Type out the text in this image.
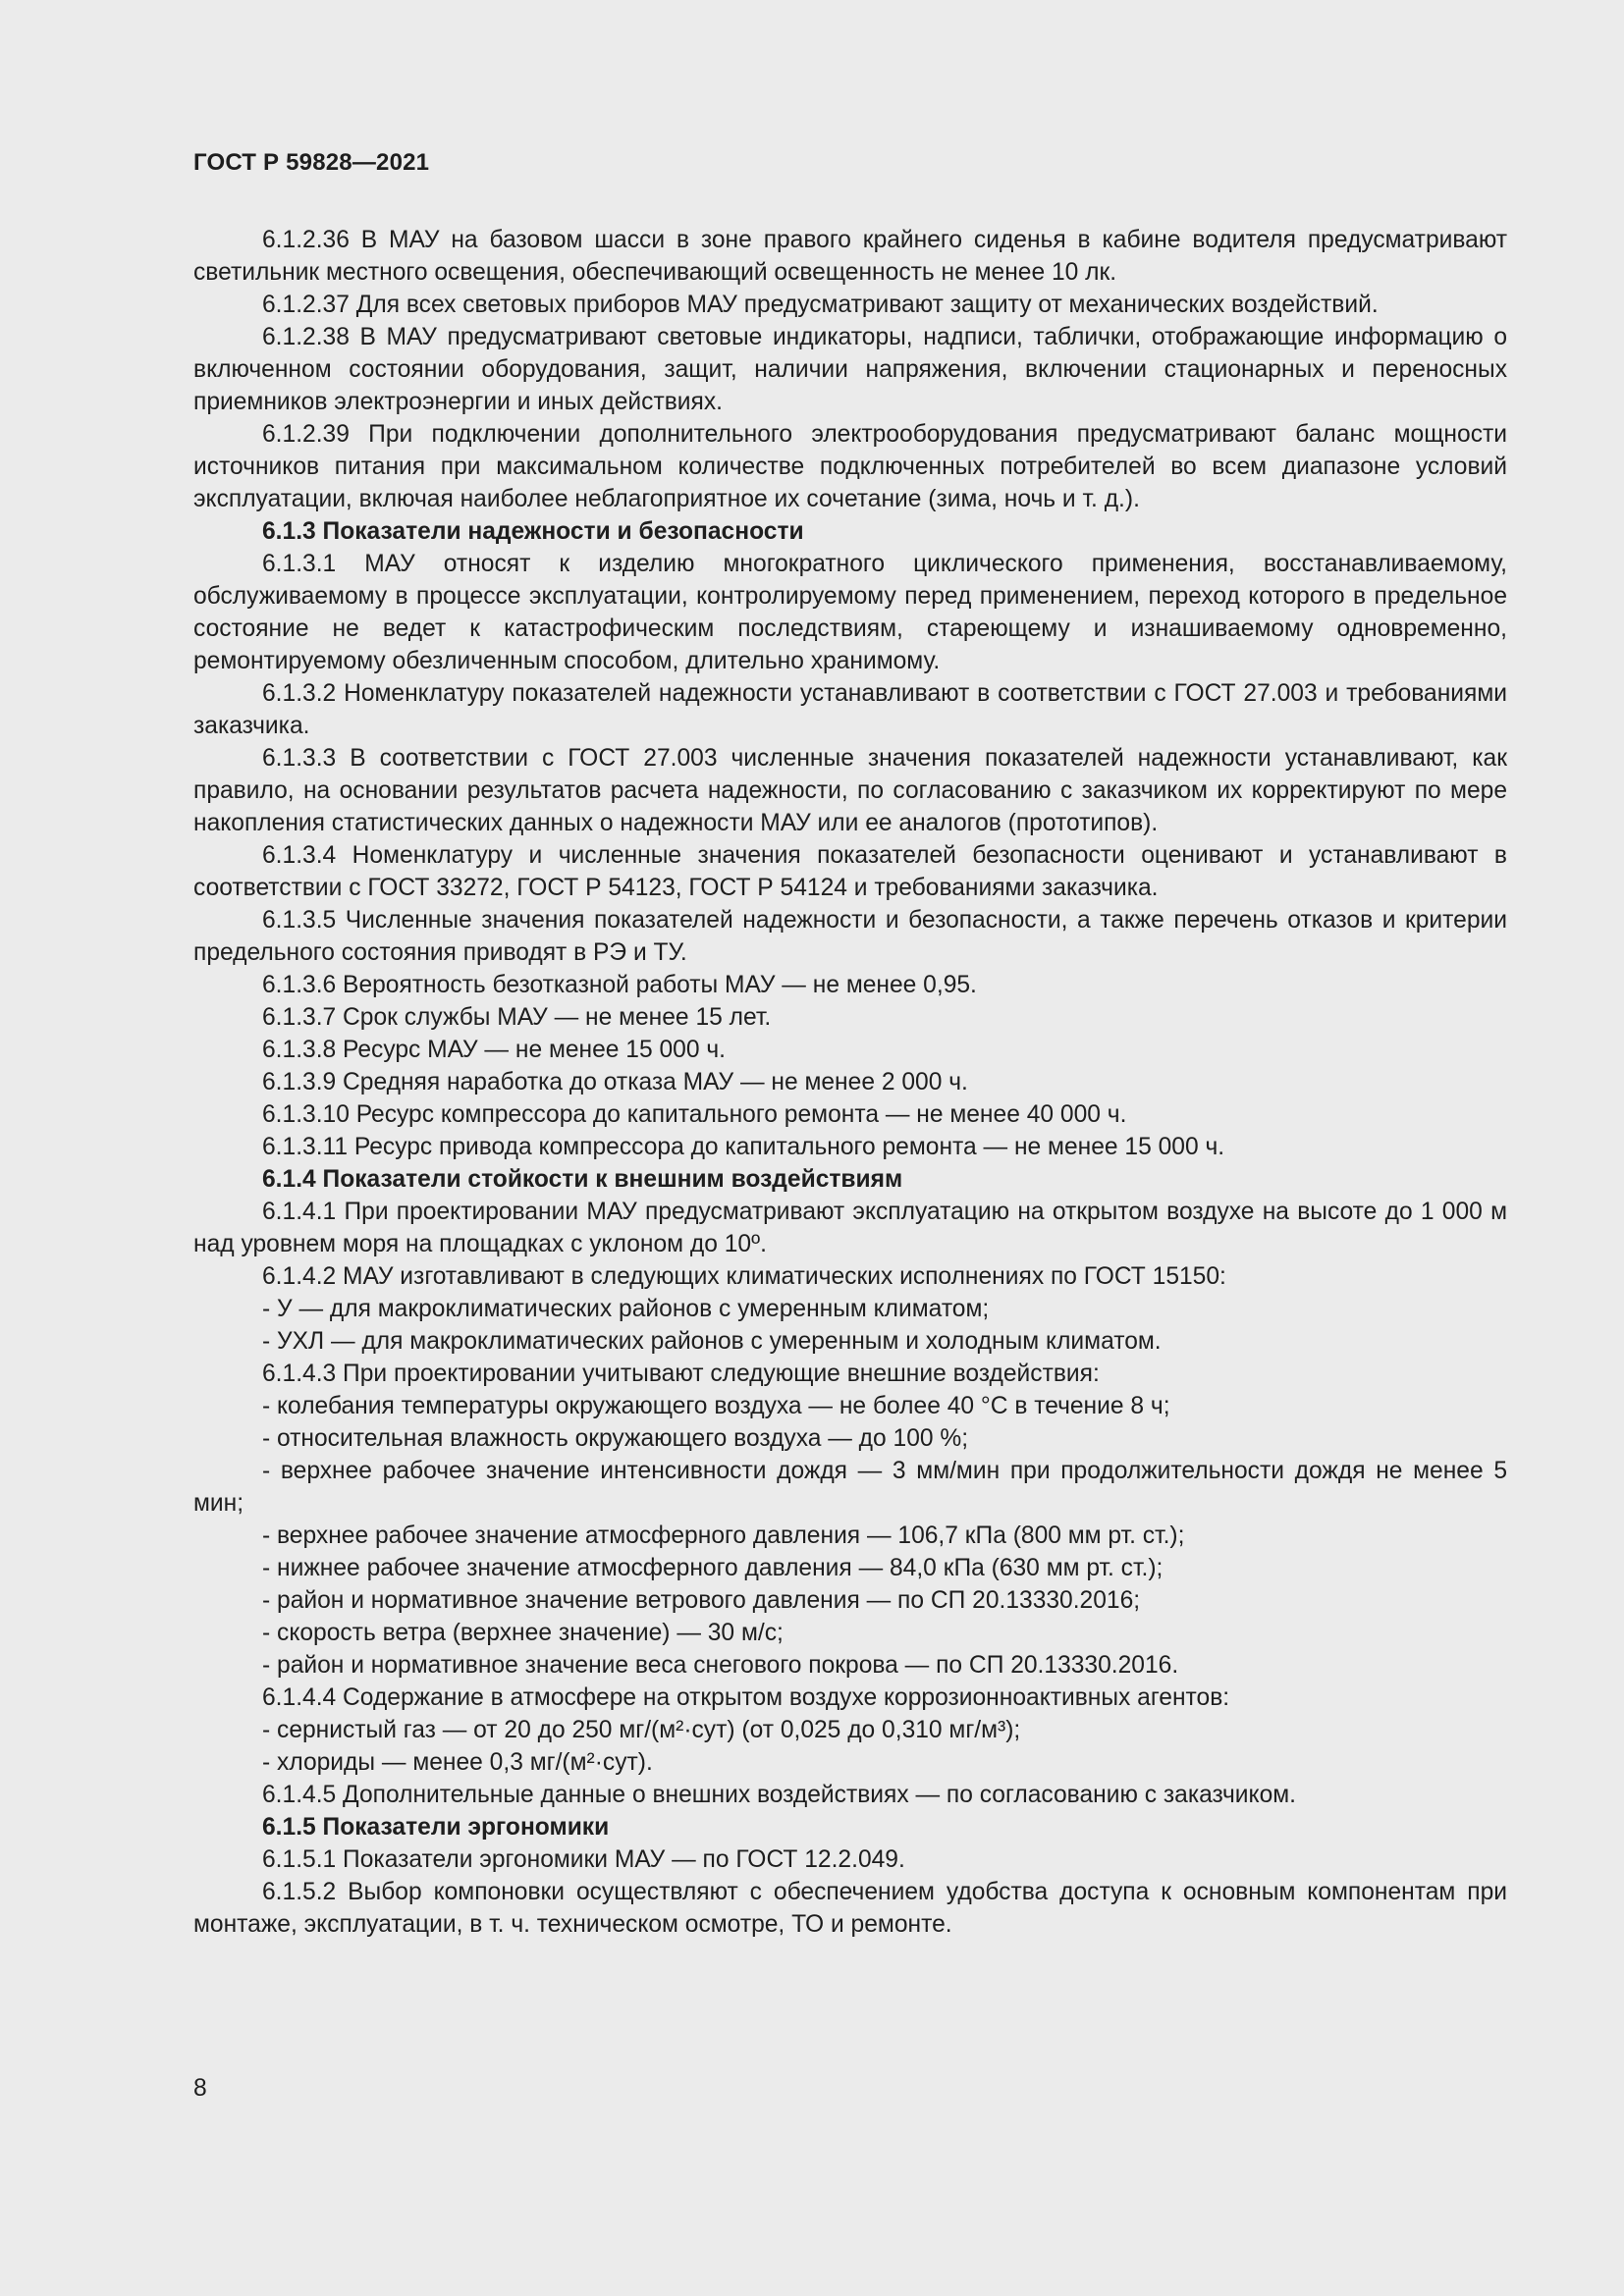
ГОСТ Р 59828—2021

6.1.2.36 В МАУ на базовом шасси в зоне правого крайнего сиденья в кабине водителя предусматривают светильник местного освещения, обеспечивающий освещенность не менее 10 лк.

6.1.2.37 Для всех световых приборов МАУ предусматривают защиту от механических воздействий.

6.1.2.38 В МАУ предусматривают световые индикаторы, надписи, таблички, отображающие информацию о включенном состоянии оборудования, защит, наличии напряжения, включении стационарных и переносных приемников электроэнергии и иных действиях.

6.1.2.39 При подключении дополнительного электрооборудования предусматривают баланс мощности источников питания при максимальном количестве подключенных потребителей во всем диапазоне условий эксплуатации, включая наиболее неблагоприятное их сочетание (зима, ночь и т. д.).

6.1.3 Показатели надежности и безопасности

6.1.3.1 МАУ относят к изделию многократного циклического применения, восстанавливаемому, обслуживаемому в процессе эксплуатации, контролируемому перед применением, переход которого в предельное состояние не ведет к катастрофическим последствиям, стареющему и изнашиваемому одновременно, ремонтируемому обезличенным способом, длительно хранимому.

6.1.3.2 Номенклатуру показателей надежности устанавливают в соответствии с ГОСТ 27.003 и требованиями заказчика.

6.1.3.3 В соответствии с ГОСТ 27.003 численные значения показателей надежности устанавливают, как правило, на основании результатов расчета надежности, по согласованию с заказчиком их корректируют по мере накопления статистических данных о надежности МАУ или ее аналогов (прототипов).

6.1.3.4 Номенклатуру и численные значения показателей безопасности оценивают и устанавливают в соответствии с ГОСТ 33272, ГОСТ Р 54123, ГОСТ Р 54124 и требованиями заказчика.

6.1.3.5 Численные значения показателей надежности и безопасности, а также перечень отказов и критерии предельного состояния приводят в РЭ и ТУ.

6.1.3.6 Вероятность безотказной работы МАУ — не менее 0,95.

6.1.3.7 Срок службы МАУ — не менее 15 лет.

6.1.3.8 Ресурс МАУ — не менее 15 000 ч.

6.1.3.9 Средняя наработка до отказа МАУ — не менее 2 000 ч.

6.1.3.10 Ресурс компрессора до капитального ремонта — не менее 40 000 ч.

6.1.3.11 Ресурс привода компрессора до капитального ремонта — не менее 15 000 ч.

6.1.4 Показатели стойкости к внешним воздействиям

6.1.4.1 При проектировании МАУ предусматривают эксплуатацию на открытом воздухе на высоте до 1 000 м над уровнем моря на площадках с уклоном до 10º.

6.1.4.2 МАУ изготавливают в следующих климатических исполнениях по ГОСТ 15150:

- У — для макроклиматических районов с умеренным климатом;

- УХЛ — для макроклиматических районов с умеренным и холодным климатом.

6.1.4.3 При проектировании учитывают следующие внешние воздействия:

- колебания температуры окружающего воздуха — не более 40 °С в течение 8 ч;

- относительная влажность окружающего воздуха — до 100 %;

- верхнее рабочее значение интенсивности дождя — 3 мм/мин при продолжительности дождя не менее 5 мин;

- верхнее рабочее значение атмосферного давления — 106,7 кПа (800 мм рт. ст.);

- нижнее рабочее значение атмосферного давления — 84,0 кПа (630 мм рт. ст.);

- район и нормативное значение ветрового давления — по СП 20.13330.2016;

- скорость ветра (верхнее значение) — 30 м/с;

- район и нормативное значение веса снегового покрова — по СП 20.13330.2016.

6.1.4.4 Содержание в атмосфере на открытом воздухе коррозионноактивных агентов:

- сернистый газ — от 20 до 250 мг/(м²·сут) (от 0,025 до 0,310 мг/м³);

- хлориды — менее 0,3 мг/(м²·сут).

6.1.4.5 Дополнительные данные о внешних воздействиях — по согласованию с заказчиком.

6.1.5 Показатели эргономики

6.1.5.1 Показатели эргономики МАУ — по ГОСТ 12.2.049.

6.1.5.2 Выбор компоновки осуществляют с обеспечением удобства доступа к основным компонентам при монтаже, эксплуатации, в т. ч. техническом осмотре, ТО и ремонте.

8
